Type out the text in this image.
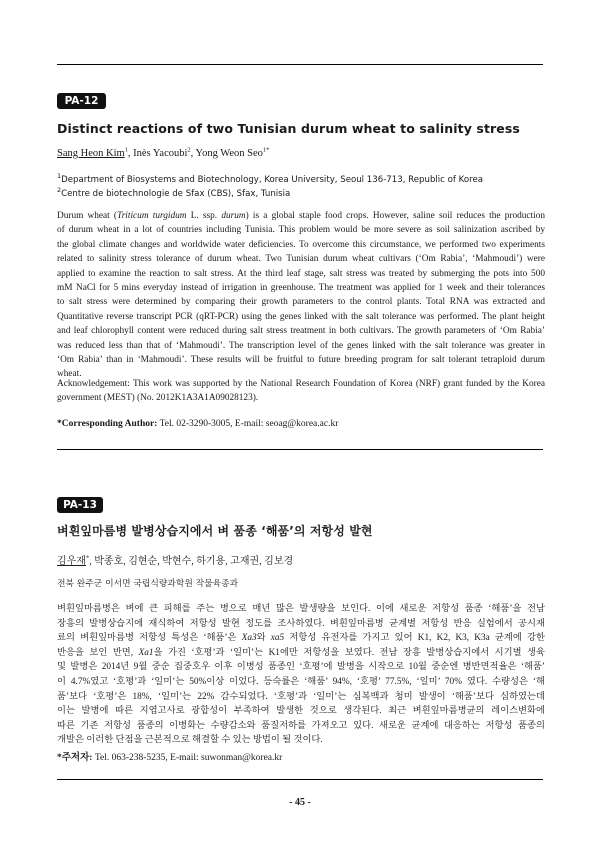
PA-12
Distinct reactions of two Tunisian durum wheat to salinity stress
Sang Heon Kim$^1$, Inès Yacoubi$^2$, Yong Weon Seo$^{1*}$
$^1$Department of Biosystems and Biotechnology, Korea University, Seoul 136-713, Republic of Korea
$^2$Centre de biotechnologie de Sfax (CBS), Sfax, Tunisia
Durum wheat (Triticum turgidum L. ssp. durum) is a global staple food crops. However, saline soil reduces the production
of durum wheat in a lot of countries including Tunisia. This problem would be more severe as soil salinization ascribed by
the global climate changes and worldwide water deficiencies. To overcome this circumstance, we performed two experiments
related to salinity stress tolerance of durum wheat. Two Tunisian durum wheat cultivars (‘Om Rabia’, ‘Mahmoudi’) were
applied to examine the reaction to salt stress. At the third leaf stage, salt stress was treated by submerging the pots into 500
mM NaCl for 5 mins everyday instead of irrigation in greenhouse. The treatment was applied for 1 week and their tolerances
to salt stress were determined by comparing their growth parameters to the control plants. Total RNA was extracted and
Quantitative reverse transcript PCR (qRT-PCR) using the genes linked with the salt tolerance was performed. The plant height
and leaf chlorophyll content were reduced during salt stress treatment in both cultivars. The growth parameters of ‘Om Rabia’
was reduced less than that of ‘Mahmoudi’. The transcription level of the genes linked with the salt tolerance was greater in
‘Om Rabia’ than in ‘Mahmoudi’. These results will be fruitful to future breeding program for salt tolerant tetraploid durum
wheat.
Acknowledgement: This work was supported by the National Research Foundation of Korea (NRF) grant funded by the Korea
government (MEST) (No. 2012K1A3A1A09028123).
*Corresponding Author: Tel. 02-3290-3005, E-mail: seoag@korea.ac.kr
PA-13
벼흰잎마름병 발병상습지에서 벼 품종 ‘해품’의 저항성 발현
김우재*, 박종호, 김현순, 박현수, 하기용, 고재권, 김보경
전북 완주군 이서면 국립식량과학원 작물육종과
벼흰잎마름병은 벼에 큰 피해를 주는 병으로 매년 많은 발생량을 보인다. 이에 새로운 저항성 품종 ‘해품’을 전남
장흥의 발병상습지에 재식하여 저항성 발현 정도를 조사하였다. 벼흰잎마름병 균계별 저항성 반응 실험에서 공시재
료의 벼흰잎마름병 저항성 특성은 ‘해품’은 Xa3와 xa5 저항성 유전자를 가지고 있어 K1, K2, K3, K3a 균계에 강한
반응을 보인 반면, Xa1을 가진 ‘호평’과 ‘일미’는 K1에만 저항성을 보였다. 전남 장흥 발병상습지에서 시기별 생육
및 발병은 2014년 9월 중순 집중호우 이후 이병성 품종인 ‘호평’에 발병을 시작으로 10월 중순엔 병반면적율은 ‘해품’
이 4.7%였고 ‘호평’과 ‘일미’는 50%이상 이었다. 등숙률은 ‘해품’ 94%, ‘호평’ 77.5%, ‘일미’ 70% 였다. 수량성은 ‘해
품’보다 ‘호평’은 18%, ‘일미’는 22% 감수되었다. ‘호평’과 ‘일미’는 심복백과 청미 발생이 ‘해품’보다 심하였는데
이는 발병에 따른 지엽고사로 광합성이 부족하여 발생한 것으로 생각된다. 최근 벼흰잎마름병균의 레이스변화에
따른 기존 저항성 품종의 이병화는 수량감소와 품질저하를 가져오고 있다. 새로운 균계에 대응하는 저항성 품종의
개발은 이러한 단점을 근본적으로 해결할 수 있는 방법이 될 것이다.
*주저자: Tel. 063-238-5235, E-mail: suwonman@korea.kr
- 45 -
